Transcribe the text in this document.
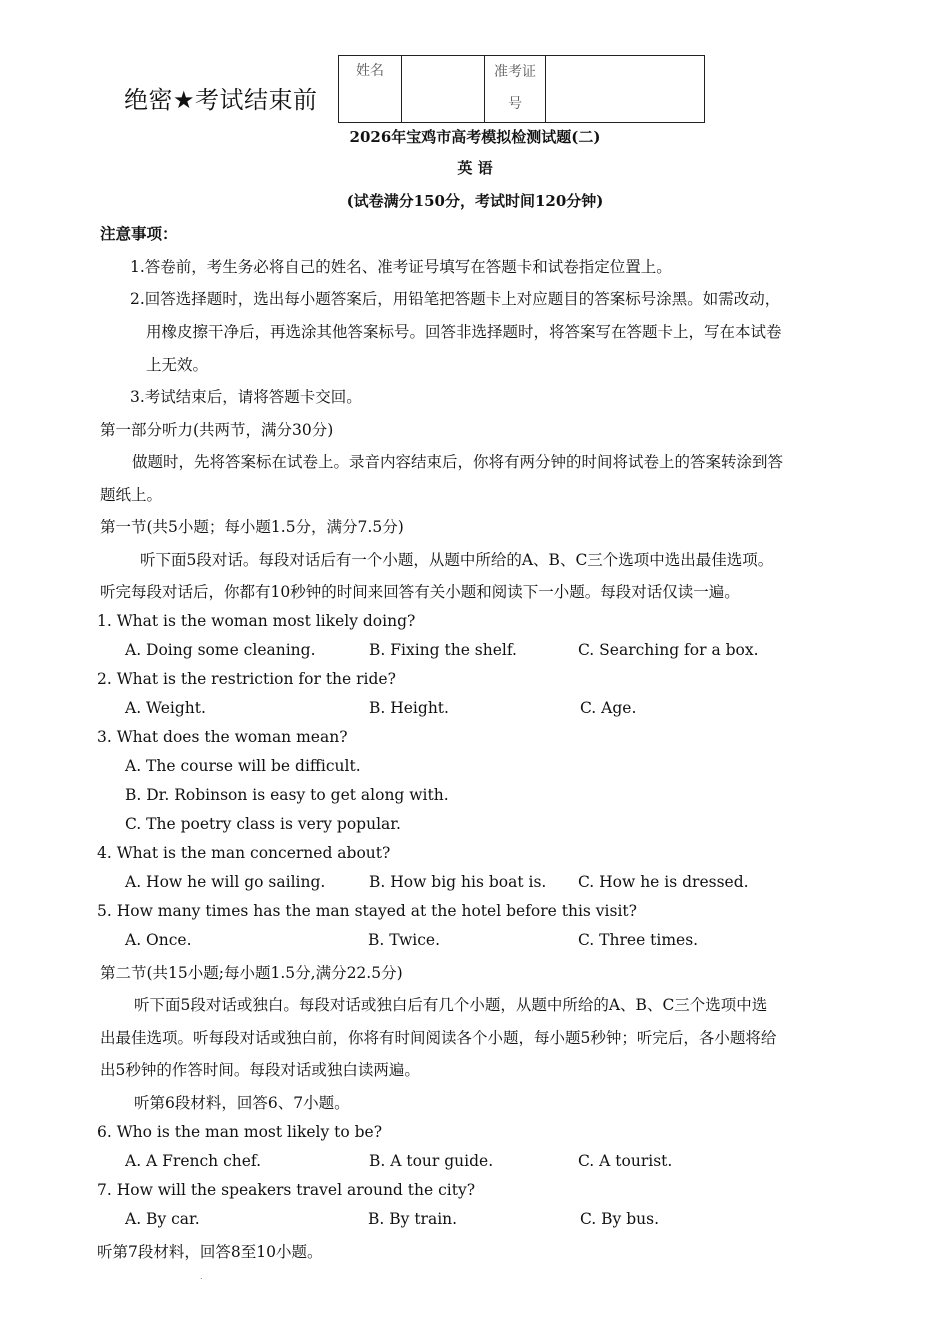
绝密★考试结束前
姓名		准考证
号	
2026年宝鸡市高考模拟检测试题(二)
英 语
(试卷满分150分，考试时间120分钟)
注意事项：
1.答卷前，考生务必将自己的姓名、准考证号填写在答题卡和试卷指定位置上。
2.回答选择题时，选出每小题答案后，用铅笔把答题卡上对应题目的答案标号涂黑。如需改动，
用橡皮擦干净后，再选涂其他答案标号。回答非选择题时，将答案写在答题卡上，写在本试卷
上无效。
3.考试结束后，请将答题卡交回。
第一部分听力(共两节，满分30分)
做题时，先将答案标在试卷上。录音内容结束后，你将有两分钟的时间将试卷上的答案转涂到答
题纸上。
第一节(共5小题；每小题1.5分，满分7.5分)
听下面5段对话。每段对话后有一个小题，从题中所给的A、B、C三个选项中选出最佳选项。
听完每段对话后，你都有10秒钟的时间来回答有关小题和阅读下一小题。每段对话仅读一遍。
1. What is the woman most likely doing?
A. Doing some cleaning.	B. Fixing the shelf.	C. Searching for a box.
2. What is the restriction for the ride?
A. Weight.	B. Height.	C. Age.
3. What does the woman mean?
A. The course will be difficult.
B. Dr. Robinson is easy to get along with.
C. The poetry class is very popular.
4. What is the man concerned about?
A. How he will go sailing.	B. How big his boat is. C. How he is dressed.
5. How many times has the man stayed at the hotel before this visit?
A. Once.	B. Twice.	C. Three times.
第二节(共15小题;每小题1.5分,满分22.5分)
听下面5段对话或独白。每段对话或独白后有几个小题，从题中所给的A、B、C三个选项中选
出最佳选项。听每段对话或独白前，你将有时间阅读各个小题，每小题5秒钟；听完后，各小题将给
出5秒钟的作答时间。每段对话或独白读两遍。
听第6段材料，回答6、7小题。
6. Who is the man most likely to be?
A. A French chef.	B. A tour guide.	C. A tourist.
7. How will the speakers travel around the city?
A. By car.	B. By train.	C. By bus.
听第7段材料，回答8至10小题。
.
